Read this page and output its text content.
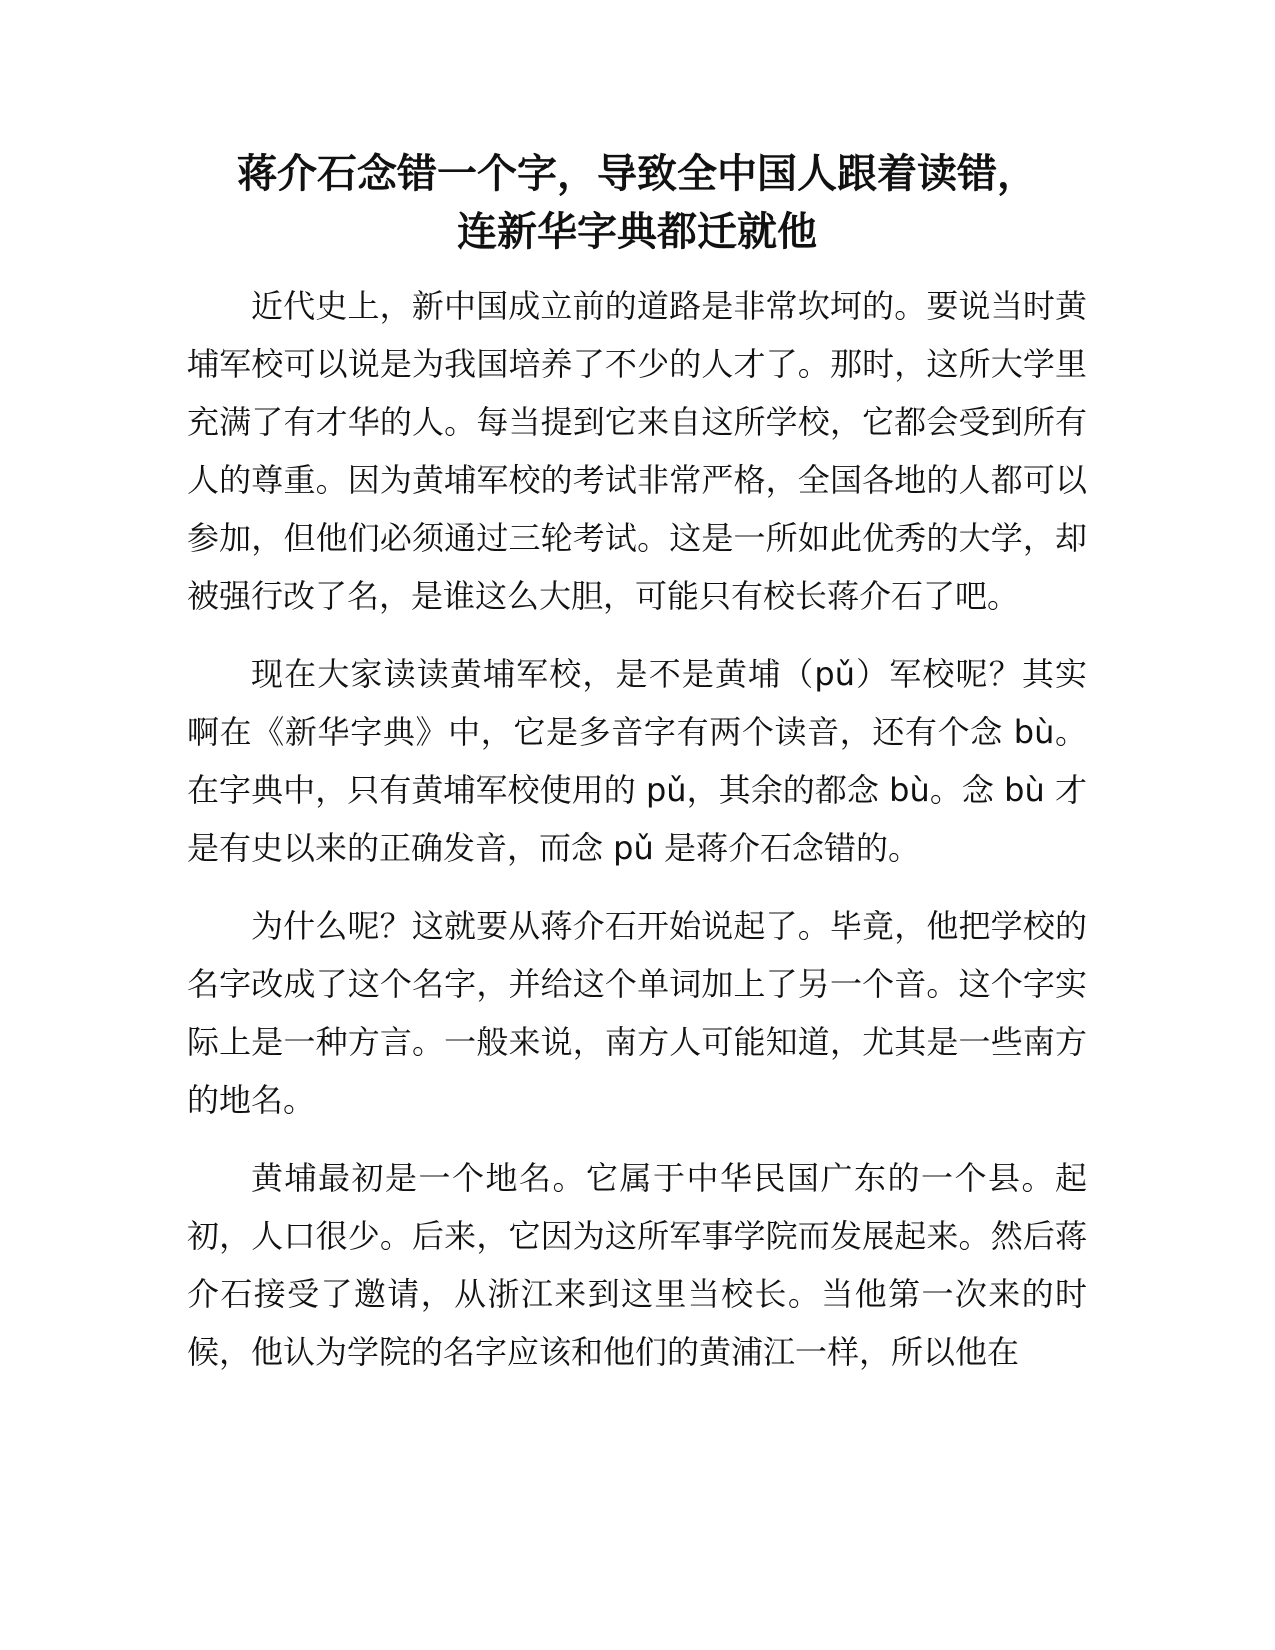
蒋介石念错一个字，导致全中国人跟着读错，
连新华字典都迁就他

近代史上，新中国成立前的道路是非常坎坷的。要说当时黄埔军校可以说是为我国培养了不少的人才了。那时，这所大学里充满了有才华的人。每当提到它来自这所学校，它都会受到所有人的尊重。因为黄埔军校的考试非常严格，全国各地的人都可以参加，但他们必须通过三轮考试。这是一所如此优秀的大学，却被强行改了名，是谁这么大胆，可能只有校长蒋介石了吧。

现在大家读读黄埔军校，是不是黄埔（pǔ）军校呢？其实啊在《新华字典》中，它是多音字有两个读音，还有个念 bù。在字典中，只有黄埔军校使用的 pǔ，其余的都念 bù。念 bù 才是有史以来的正确发音，而念 pǔ 是蒋介石念错的。

为什么呢？这就要从蒋介石开始说起了。毕竟，他把学校的名字改成了这个名字，并给这个单词加上了另一个音。这个字实际上是一种方言。一般来说，南方人可能知道，尤其是一些南方的地名。

黄埔最初是一个地名。它属于中华民国广东的一个县。起初，人口很少。后来，它因为这所军事学院而发展起来。然后蒋介石接受了邀请，从浙江来到这里当校长。当他第一次来的时候，他认为学院的名字应该和他们的黄浦江一样，所以他在
